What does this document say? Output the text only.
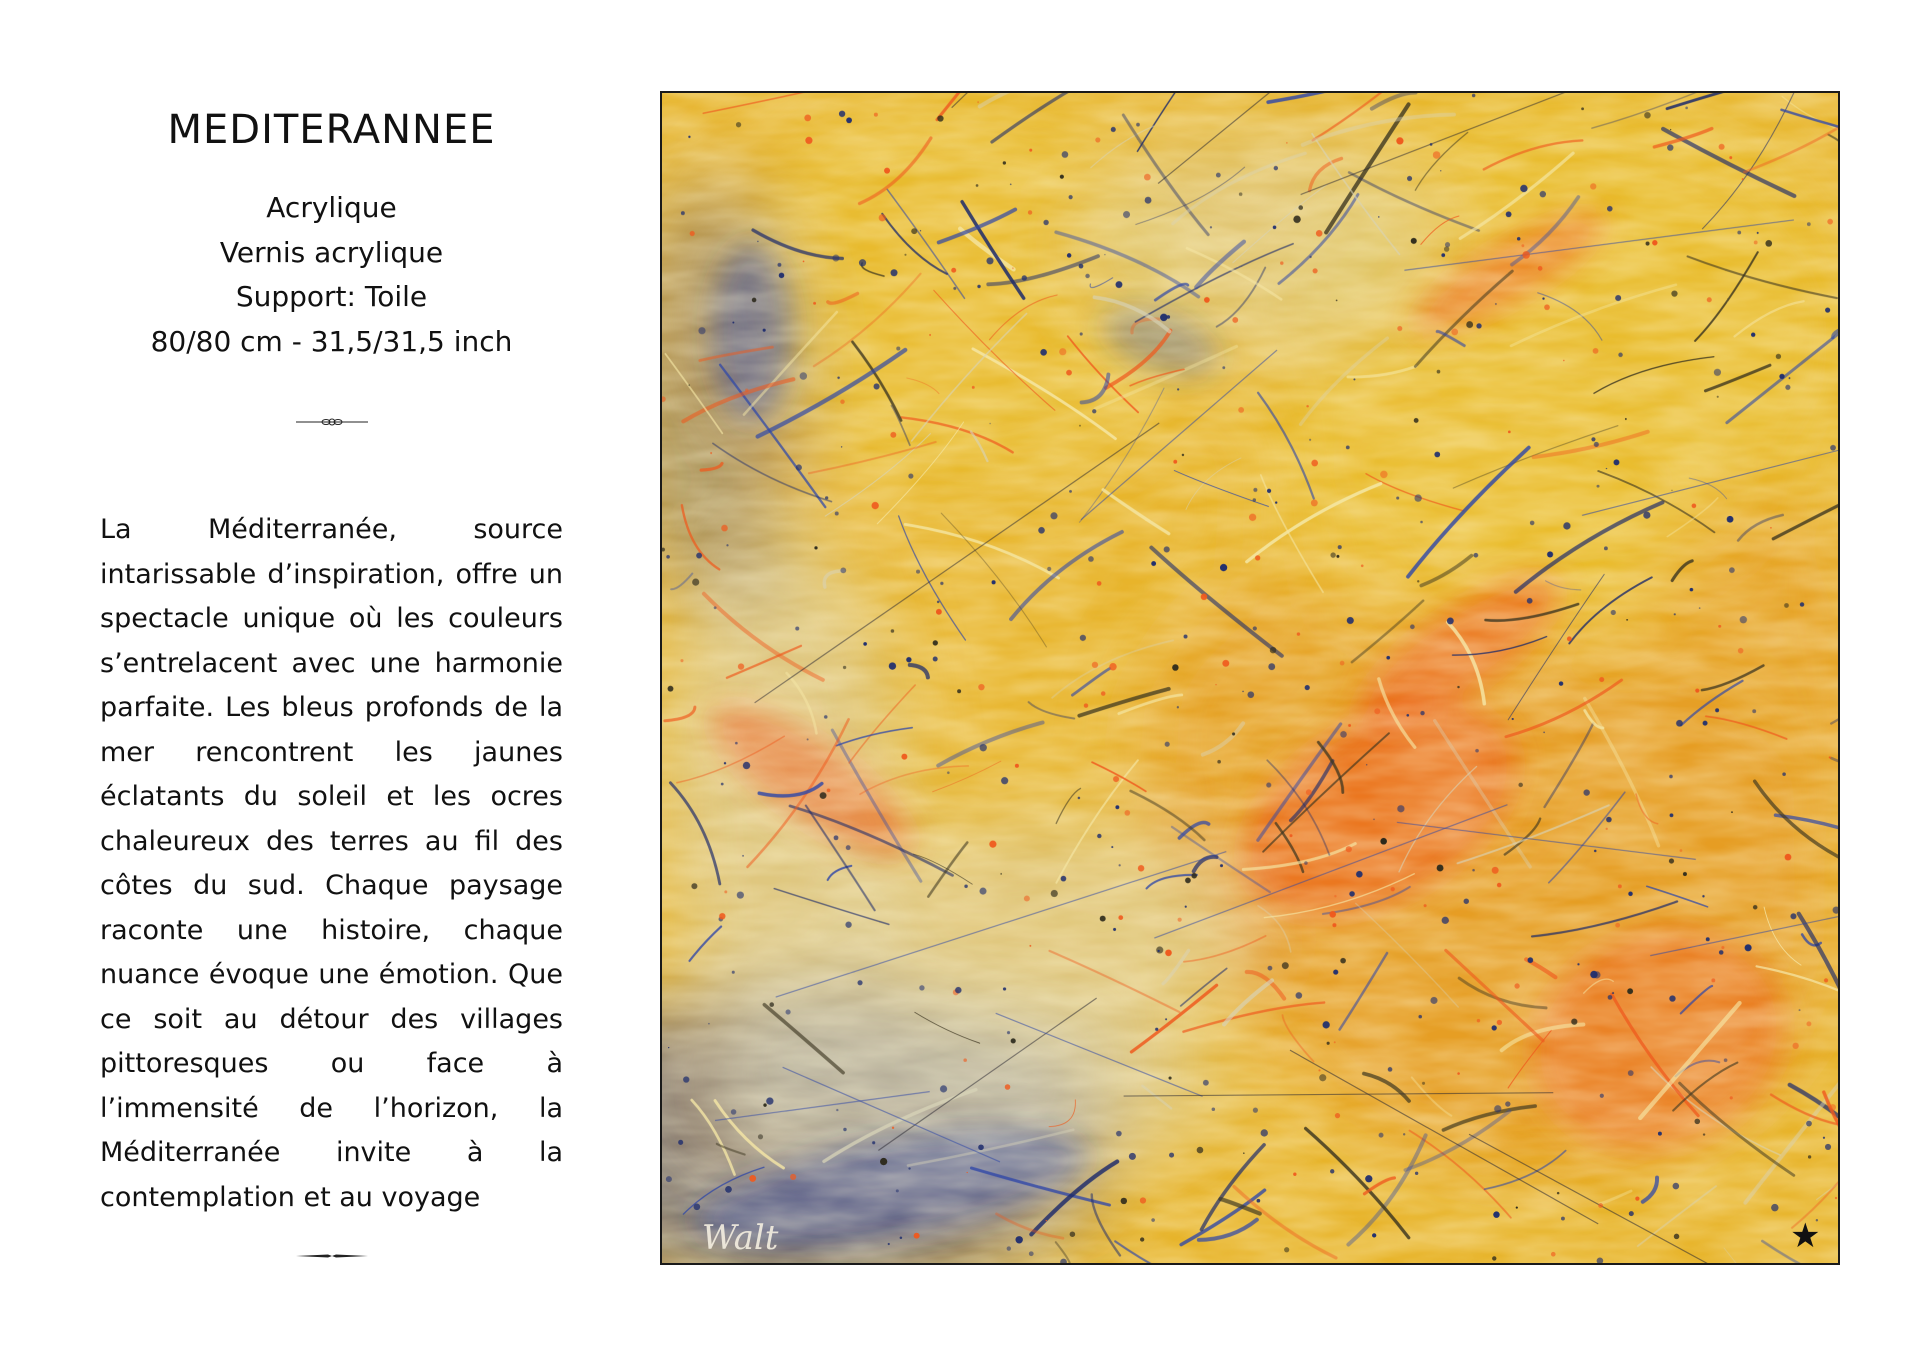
MEDITERANNEE
Acrylique
Vernis acrylique
Support: Toile
80/80 cm - 31,5/31,5 inch

La Méditerranée, source intarissable d’inspiration, offre un spectacle unique où les couleurs s’entrelacent avec une harmonie parfaite. Les bleus profonds de la mer rencontrent les jaunes éclatants du soleil et les ocres chaleureux des terres au fil des côtes du sud. Chaque paysage raconte une histoire, chaque nuance évoque une émotion. Que ce soit au détour des villages pittoresques ou face à l’immensité de l’horizon, la Méditerranée invite à la contemplation et au voyage

Walt	★
